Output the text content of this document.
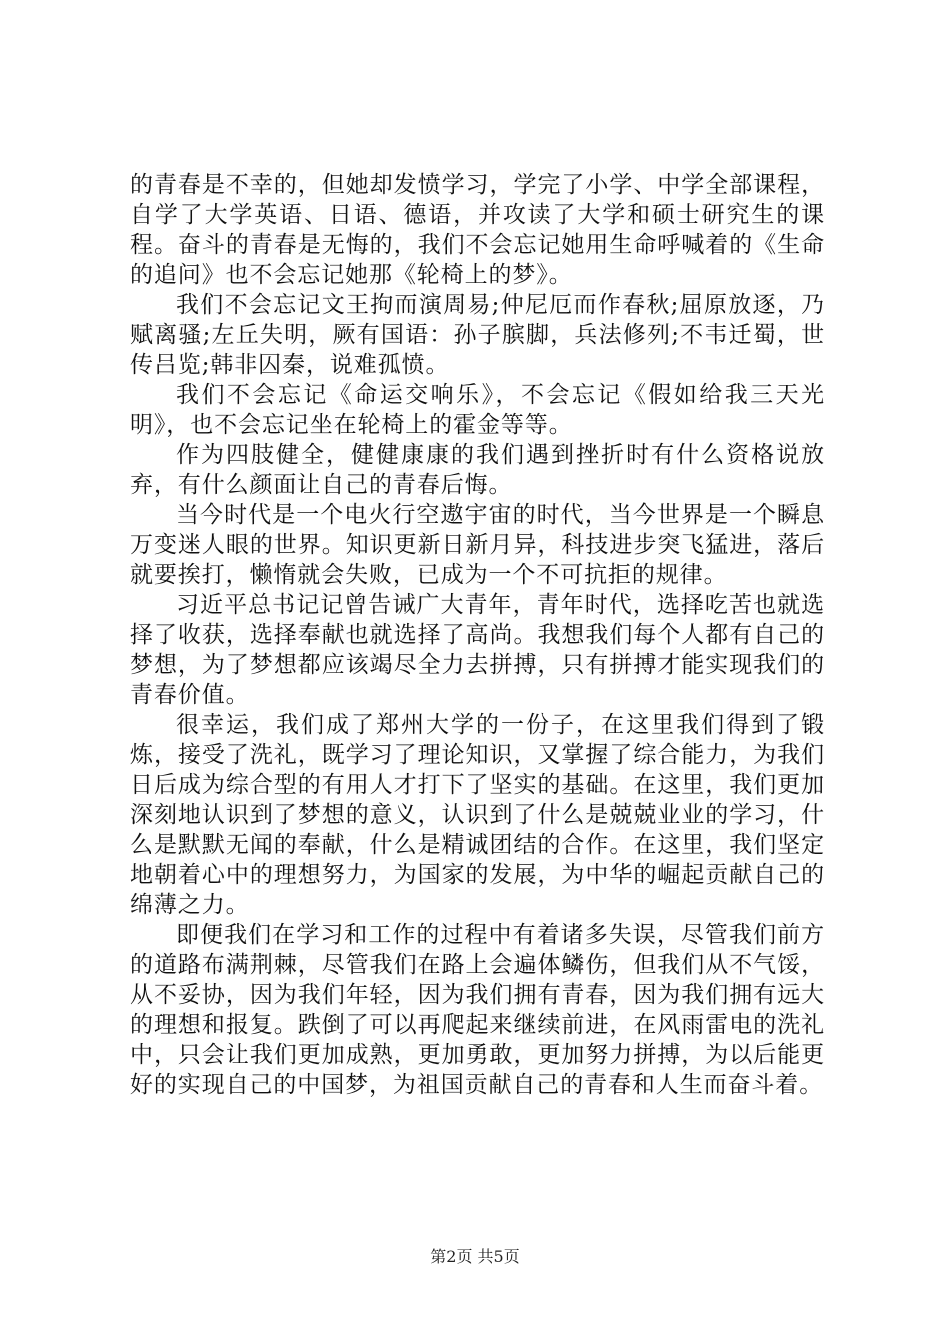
的青春是不幸的，但她却发愤学习，学完了小学、中学全部课程，自学了大学英语、日语、德语，并攻读了大学和硕士研究生的课程。奋斗的青春是无悔的，我们不会忘记她用生命呼喊着的《生命的追问》也不会忘记她那《轮椅上的梦》。

我们不会忘记文王拘而演周易;仲尼厄而作春秋;屈原放逐，乃赋离骚;左丘失明，厥有国语：孙子膑脚，兵法修列;不韦迁蜀，世传吕览;韩非囚秦，说难孤愤。

我们不会忘记《命运交响乐》，不会忘记《假如给我三天光明》，也不会忘记坐在轮椅上的霍金等等。

作为四肢健全，健健康康的我们遇到挫折时有什么资格说放弃，有什么颜面让自己的青春后悔。

当今时代是一个电火行空遨宇宙的时代，当今世界是一个瞬息万变迷人眼的世界。知识更新日新月异，科技进步突飞猛进，落后就要挨打，懒惰就会失败，已成为一个不可抗拒的规律。

习近平总书记记曾告诫广大青年，青年时代，选择吃苦也就选择了收获，选择奉献也就选择了高尚。我想我们每个人都有自己的梦想，为了梦想都应该竭尽全力去拼搏，只有拼搏才能实现我们的青春价值。

很幸运，我们成了郑州大学的一份子，在这里我们得到了锻炼，接受了洗礼，既学习了理论知识，又掌握了综合能力，为我们日后成为综合型的有用人才打下了坚实的基础。在这里，我们更加深刻地认识到了梦想的意义，认识到了什么是兢兢业业的学习，什么是默默无闻的奉献，什么是精诚团结的合作。在这里，我们坚定地朝着心中的理想努力，为国家的发展，为中华的崛起贡献自己的绵薄之力。

即便我们在学习和工作的过程中有着诸多失误，尽管我们前方的道路布满荆棘，尽管我们在路上会遍体鳞伤，但我们从不气馁，从不妥协，因为我们年轻，因为我们拥有青春，因为我们拥有远大的理想和报复。跌倒了可以再爬起来继续前进，在风雨雷电的洗礼中，只会让我们更加成熟，更加勇敢，更加努力拼搏，为以后能更好的实现自己的中国梦，为祖国贡献自己的青春和人生而奋斗着。

第2页 共5页
